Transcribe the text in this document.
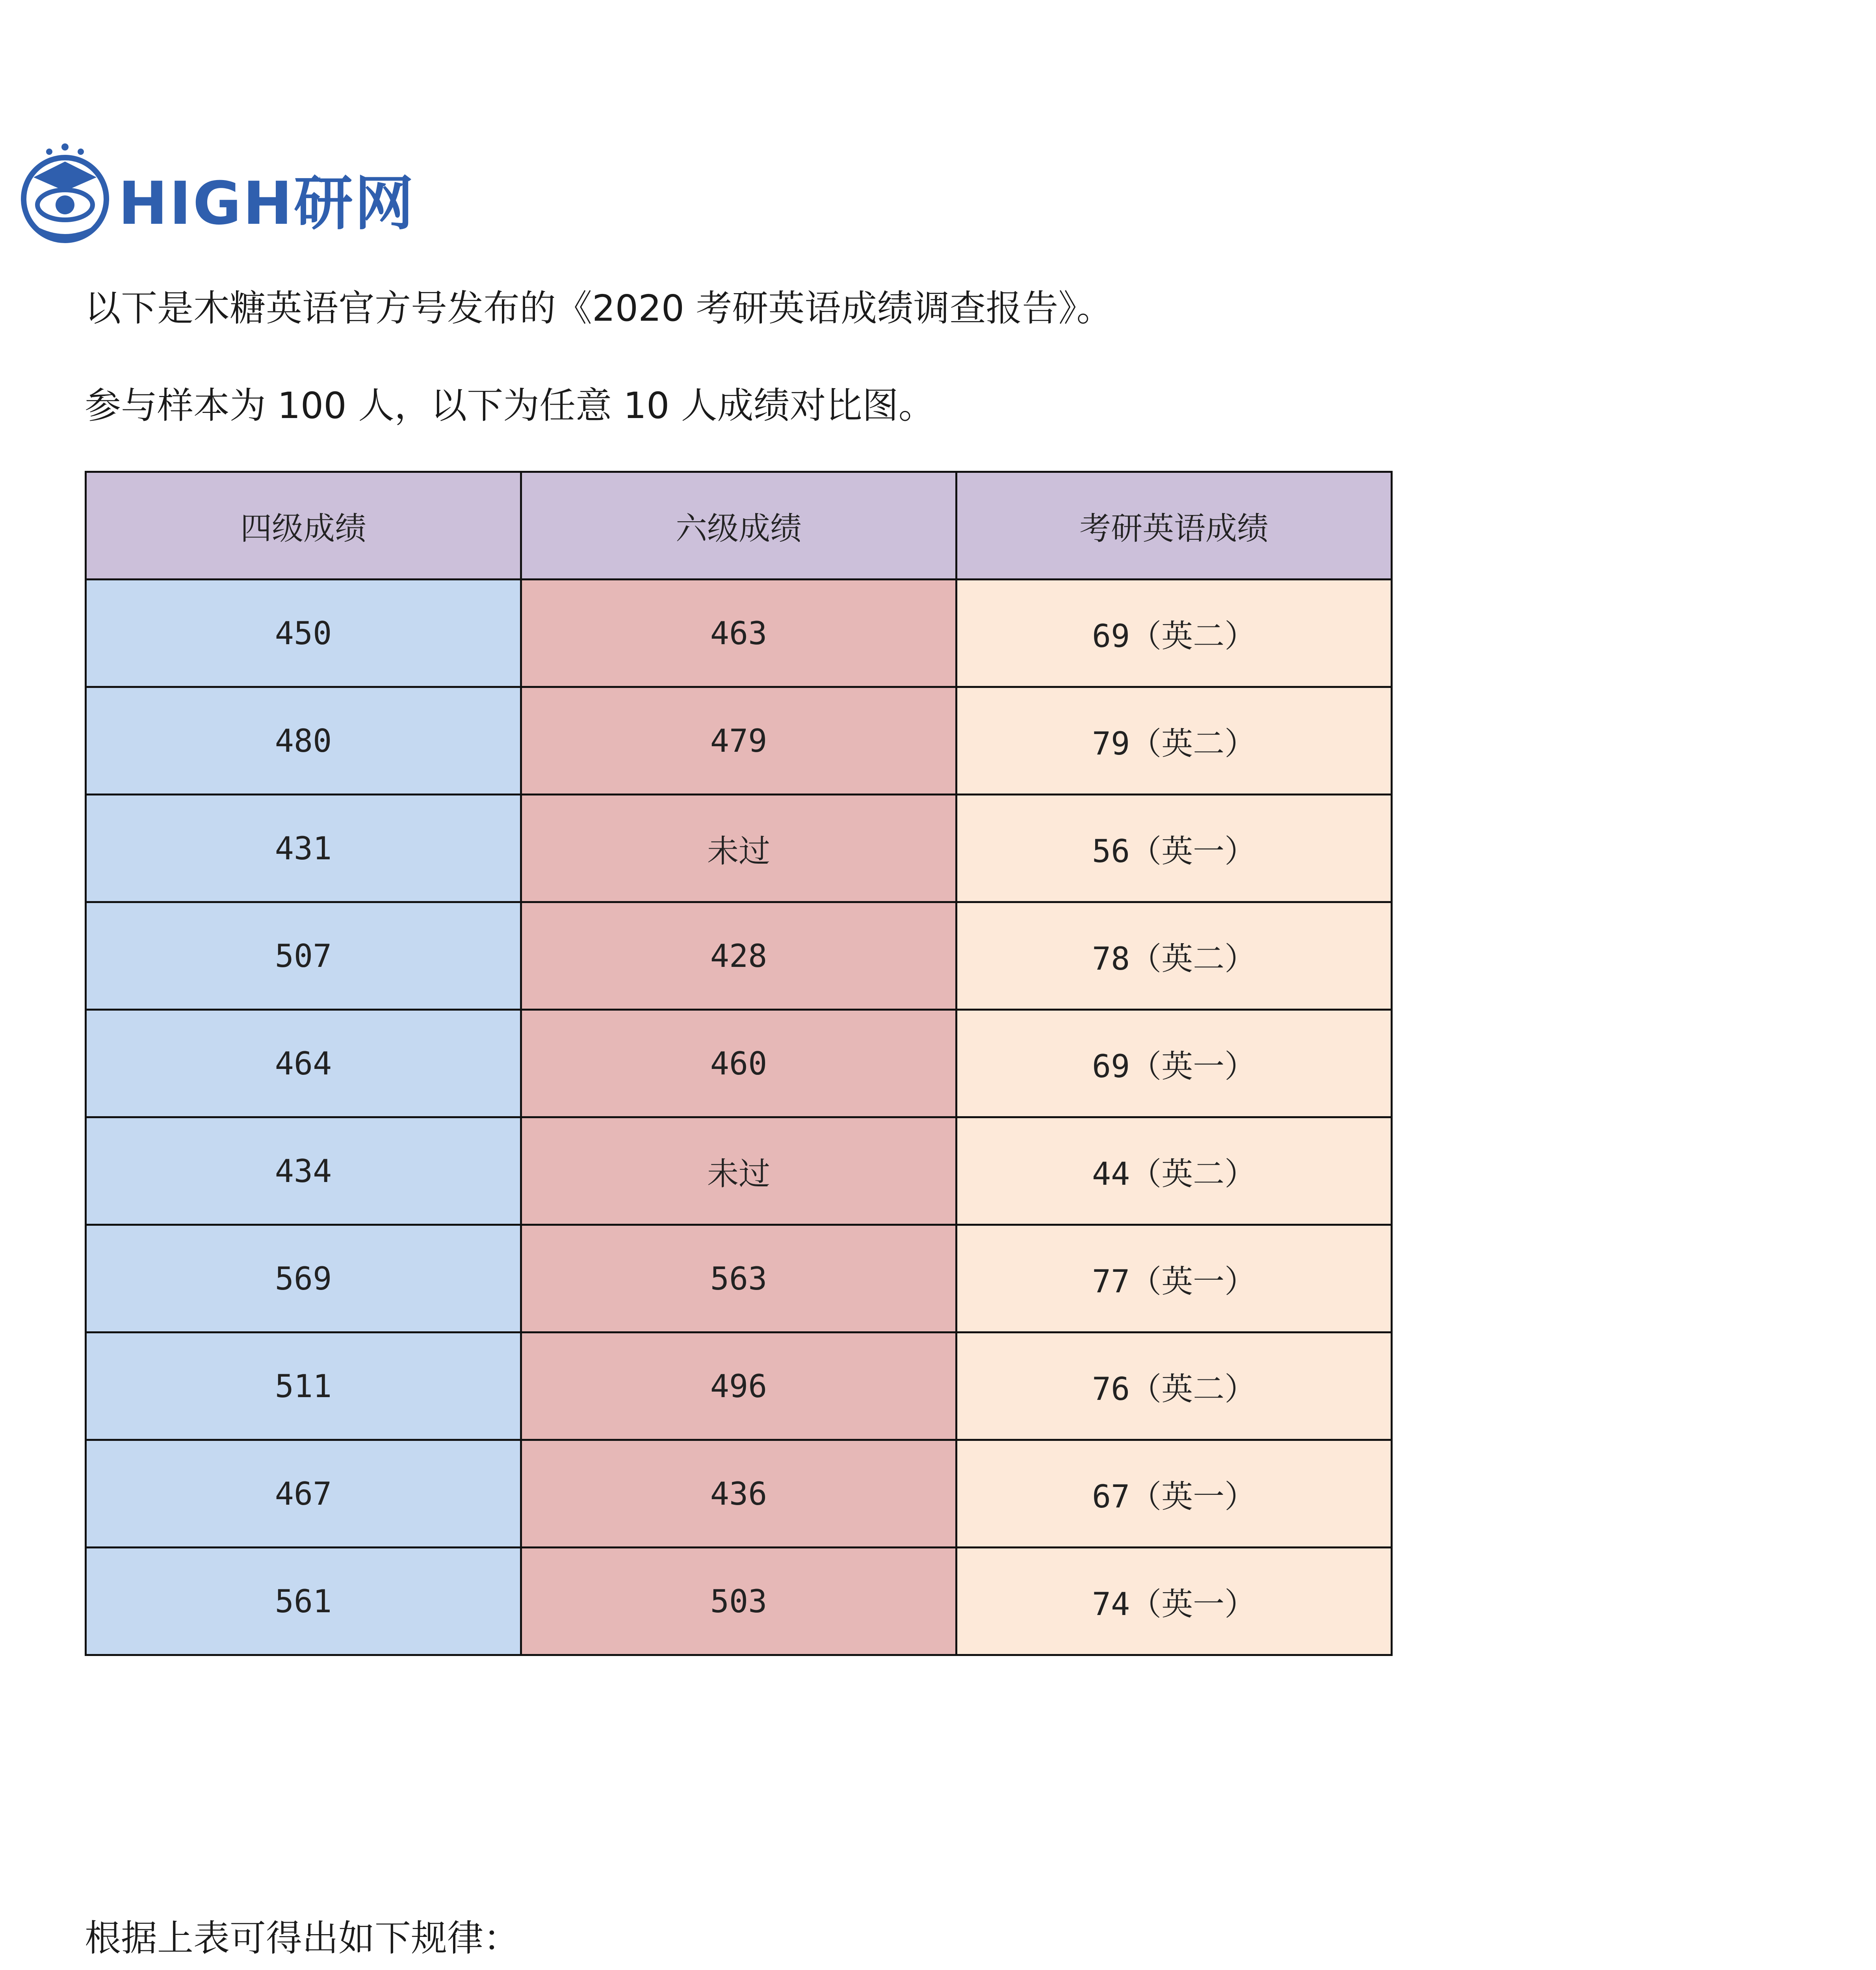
HIGH研网
以下是木糖英语官方号发布的《2020 考研英语成绩调查报告》。
参与样本为 100 人，以下为任意 10 人成绩对比图。
四级成绩	六级成绩	考研英语成绩
450	463	69（英二）
480	479	79（英二）
431	未过	56（英一）
507	428	78（英二）
464	460	69（英一）
434	未过	44（英二）
569	563	77（英一）
511	496	76（英二）
467	436	67（英一）
561	503	74（英一）
根据上表可得出如下规律：
